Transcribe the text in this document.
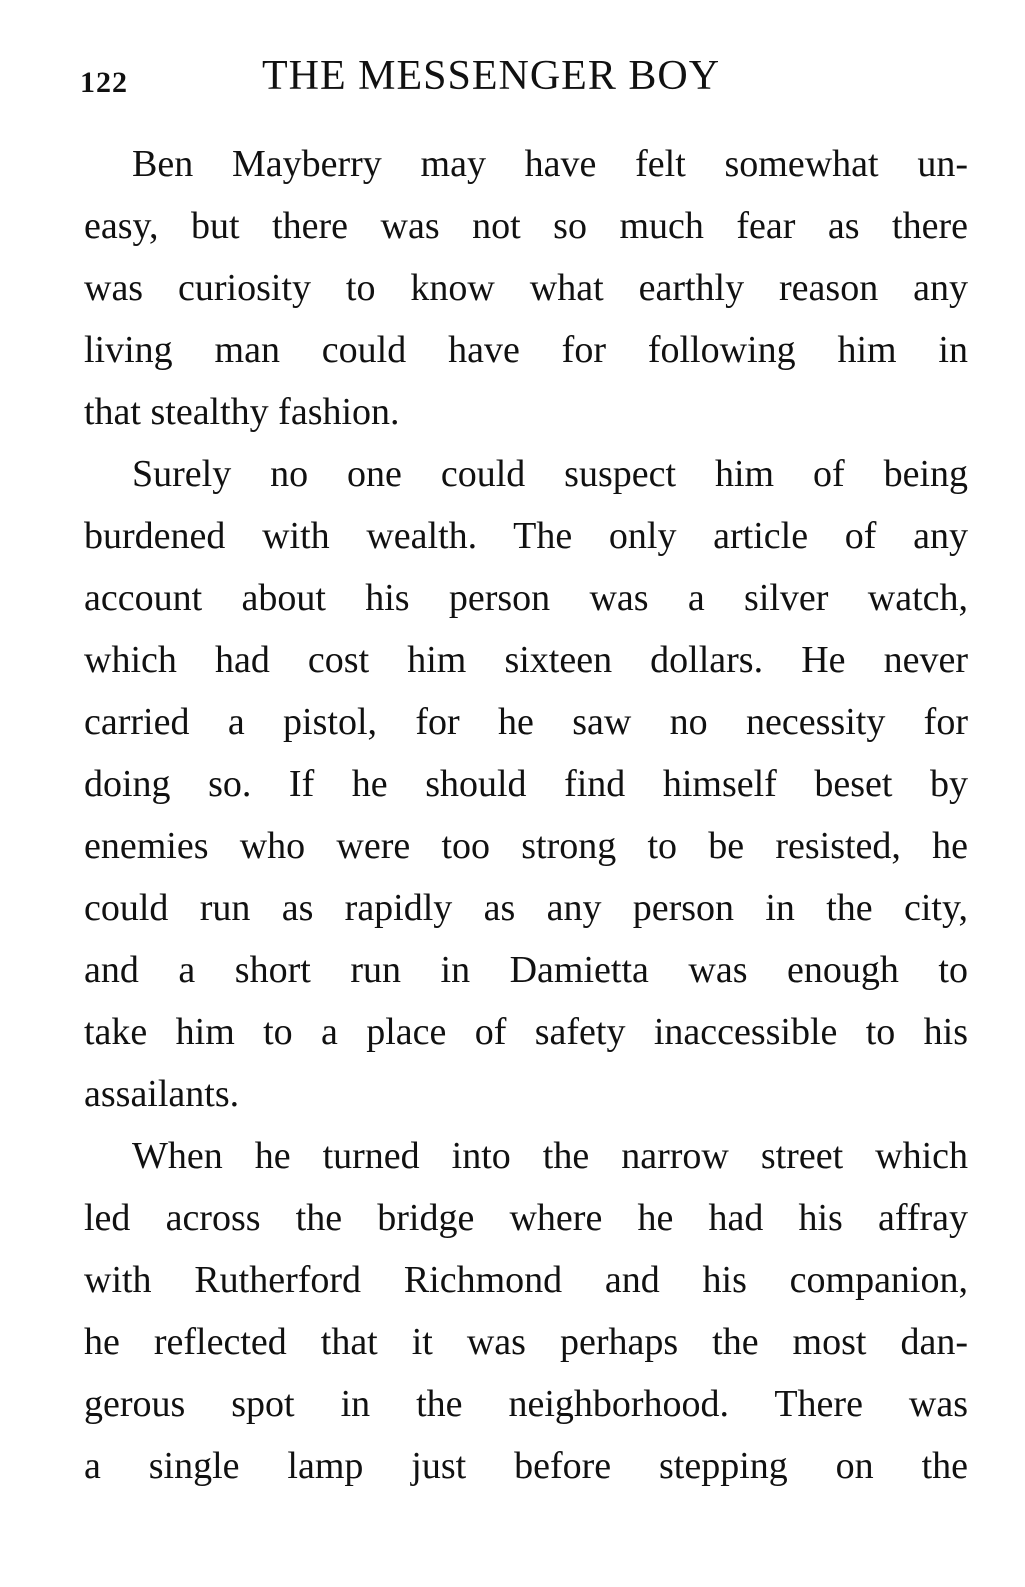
122	THE MESSENGER BOY
Ben Mayberry may have felt somewhat un-
easy, but there was not so much fear as there
was curiosity to know what earthly reason any
living man could have for following him in
that stealthy fashion.
Surely no one could suspect him of being
burdened with wealth. The only article of any
account about his person was a silver watch,
which had cost him sixteen dollars. He never
carried a pistol, for he saw no necessity for
doing so. If he should find himself beset by
enemies who were too strong to be resisted, he
could run as rapidly as any person in the city,
and a short run in Damietta was enough to
take him to a place of safety inaccessible to his
assailants.
When he turned into the narrow street which
led across the bridge where he had his affray
with Rutherford Richmond and his companion,
he reflected that it was perhaps the most dan-
gerous spot in the neighborhood. There was
a single lamp just before stepping on the
